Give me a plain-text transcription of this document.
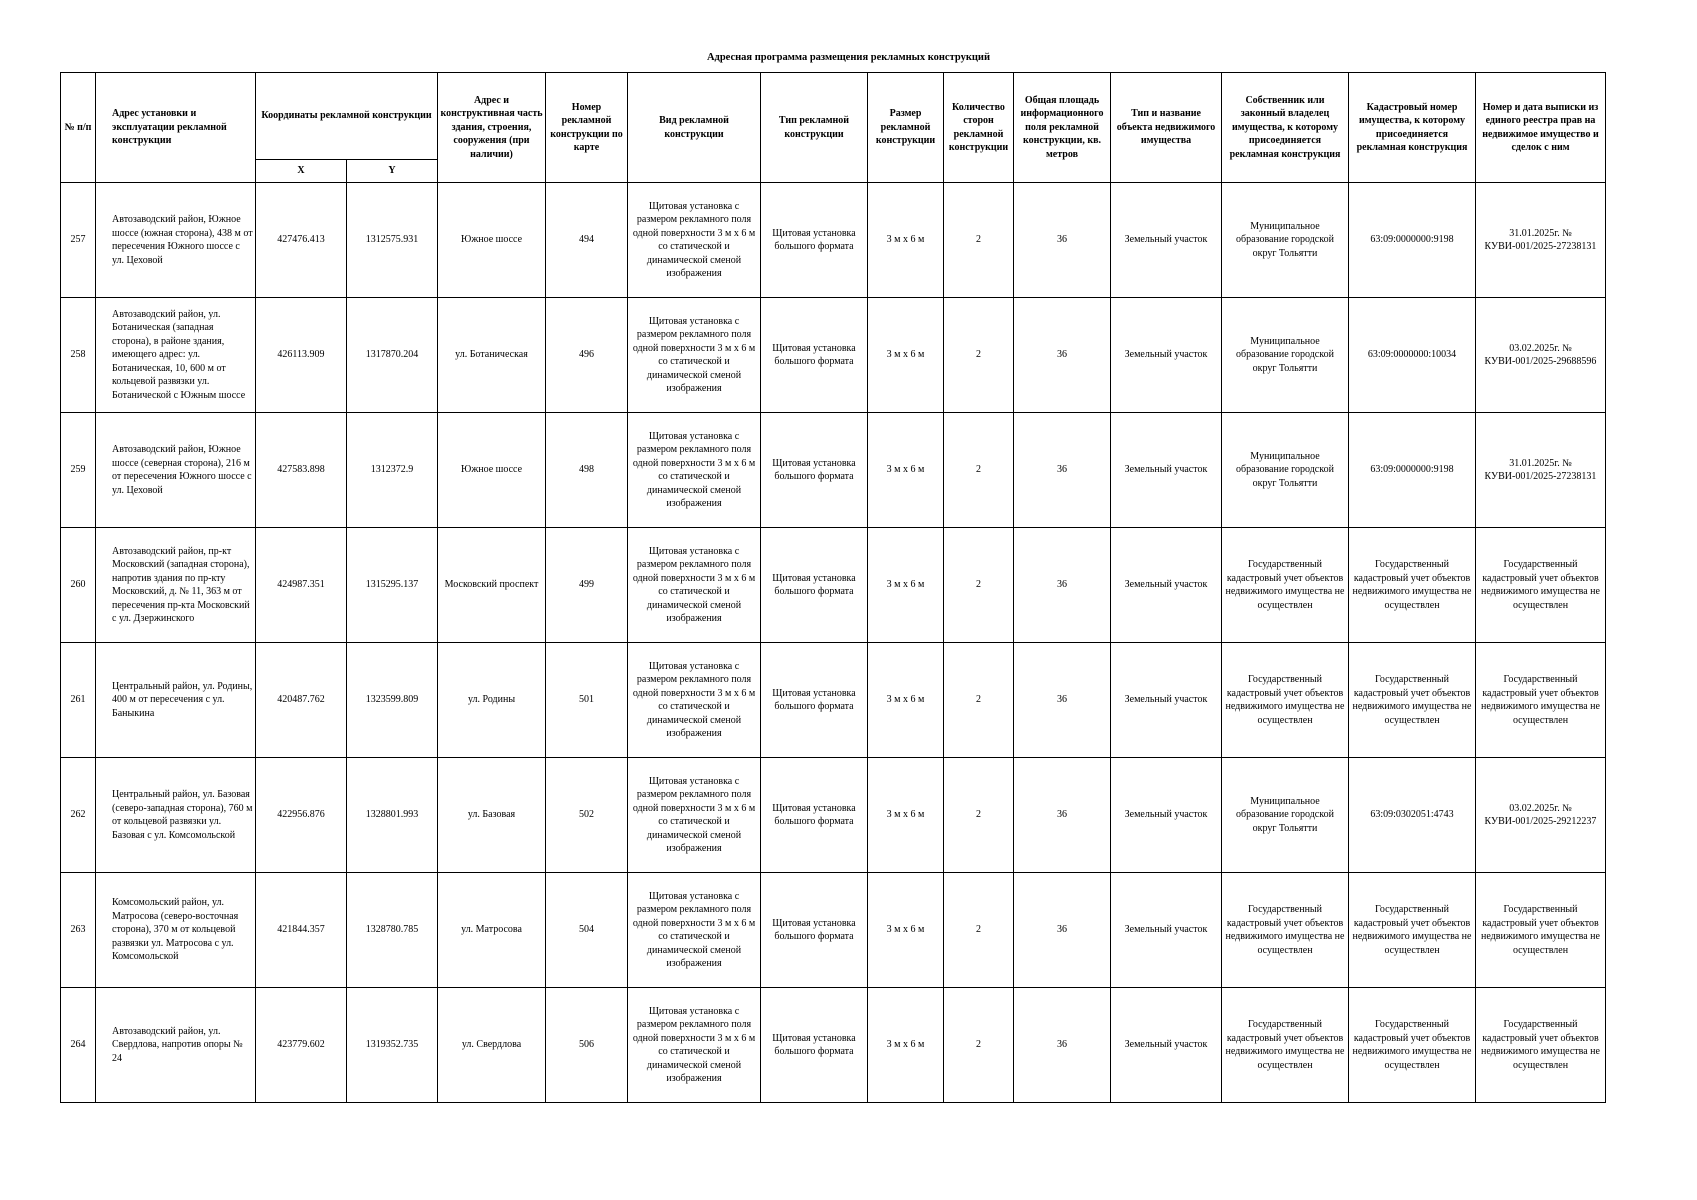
Адресная программа размещения рекламных конструкций
№ п/п	Адрес установки и эксплуатации рекламной конструкции	Координаты рекламной конструкции		Адрес и конструктивная часть здания, строения, сооружения (при наличии)	Номер рекламной конструкции по карте	Вид рекламной конструкции	Тип рекламной конструкции	Размер рекламной конструкции	Количество сторон рекламной конструкции	Общая площадь информационного поля рекламной конструкции, кв. метров	Тип и название объекта недвижимого имущества	Собственник или законный владелец имущества, к которому присоединяется рекламная конструкция	Кадастровый номер имущества, к которому присоединяется рекламная конструкция	Номер и дата выписки из единого реестра прав на недвижимое имущество и сделок с ним
		X	Y											
257	Автозаводский район, Южное шоссе (южная сторона), 438 м от пересечения Южного шоссе с ул. Цеховой	427476.413	1312575.931	Южное шоссе	494	Щитовая установка с размером рекламного поля одной поверхности 3 м х 6 м со статической и динамической сменой изображения	Щитовая установка большого формата	3 м х 6 м	2	36	Земельный участок	Муниципальное образование городской округ Тольятти	63:09:0000000:9198	31.01.2025г. № КУВИ-001/2025-27238131
258	Автозаводский район, ул. Ботаническая (западная сторона), в районе здания, имеющего адрес: ул. Ботаническая, 10, 600 м от кольцевой развязки ул. Ботанической с Южным шоссе	426113.909	1317870.204	ул. Ботаническая	496	Щитовая установка с размером рекламного поля одной поверхности 3 м х 6 м со статической и динамической сменой изображения	Щитовая установка большого формата	3 м х 6 м	2	36	Земельный участок	Муниципальное образование городской округ Тольятти	63:09:0000000:10034	03.02.2025г. № КУВИ-001/2025-29688596
259	Автозаводский район, Южное шоссе (северная сторона), 216 м от пересечения Южного шоссе с ул. Цеховой	427583.898	1312372.9	Южное шоссе	498	Щитовая установка с размером рекламного поля одной поверхности 3 м х 6 м со статической и динамической сменой изображения	Щитовая установка большого формата	3 м х 6 м	2	36	Земельный участок	Муниципальное образование городской округ Тольятти	63:09:0000000:9198	31.01.2025г. № КУВИ-001/2025-27238131
260	Автозаводский район, пр-кт Московский (западная сторона), напротив здания по пр-кту Московский, д. № 11, 363 м от пересечения пр-кта Московский с ул. Дзержинского	424987.351	1315295.137	Московский проспект	499	Щитовая установка с размером рекламного поля одной поверхности 3 м х 6 м со статической и динамической сменой изображения	Щитовая установка большого формата	3 м х 6 м	2	36	Земельный участок	Государственный кадастровый учет объектов недвижимого имущества не осуществлен	Государственный кадастровый учет объектов недвижимого имущества не осуществлен	Государственный кадастровый учет объектов недвижимого имущества не осуществлен
261	Центральный район, ул. Родины, 400 м от пересечения с ул. Баныкина	420487.762	1323599.809	ул. Родины	501	Щитовая установка с размером рекламного поля одной поверхности 3 м х 6 м со статической и динамической сменой изображения	Щитовая установка большого формата	3 м х 6 м	2	36	Земельный участок	Государственный кадастровый учет объектов недвижимого имущества не осуществлен	Государственный кадастровый учет объектов недвижимого имущества не осуществлен	Государственный кадастровый учет объектов недвижимого имущества не осуществлен
262	Центральный район, ул. Базовая (северо-западная сторона), 760 м от кольцевой развязки ул. Базовая с ул. Комсомольской	422956.876	1328801.993	ул. Базовая	502	Щитовая установка с размером рекламного поля одной поверхности 3 м х 6 м со статической и динамической сменой изображения	Щитовая установка большого формата	3 м х 6 м	2	36	Земельный участок	Муниципальное образование городской округ Тольятти	63:09:0302051:4743	03.02.2025г. № КУВИ-001/2025-29212237
263	Комсомольский район, ул. Матросова (северо-восточная сторона), 370 м от кольцевой развязки ул. Матросова с ул. Комсомольской	421844.357	1328780.785	ул. Матросова	504	Щитовая установка с размером рекламного поля одной поверхности 3 м х 6 м со статической и динамической сменой изображения	Щитовая установка большого формата	3 м х 6 м	2	36	Земельный участок	Государственный кадастровый учет объектов недвижимого имущества не осуществлен	Государственный кадастровый учет объектов недвижимого имущества не осуществлен	Государственный кадастровый учет объектов недвижимого имущества не осуществлен
264	Автозаводский район, ул. Свердлова, напротив опоры № 24	423779.602	1319352.735	ул. Свердлова	506	Щитовая установка с размером рекламного поля одной поверхности 3 м х 6 м со статической и динамической сменой изображения	Щитовая установка большого формата	3 м х 6 м	2	36	Земельный участок	Государственный кадастровый учет объектов недвижимого имущества не осуществлен	Государственный кадастровый учет объектов недвижимого имущества не осуществлен	Государственный кадастровый учет объектов недвижимого имущества не осуществлен
